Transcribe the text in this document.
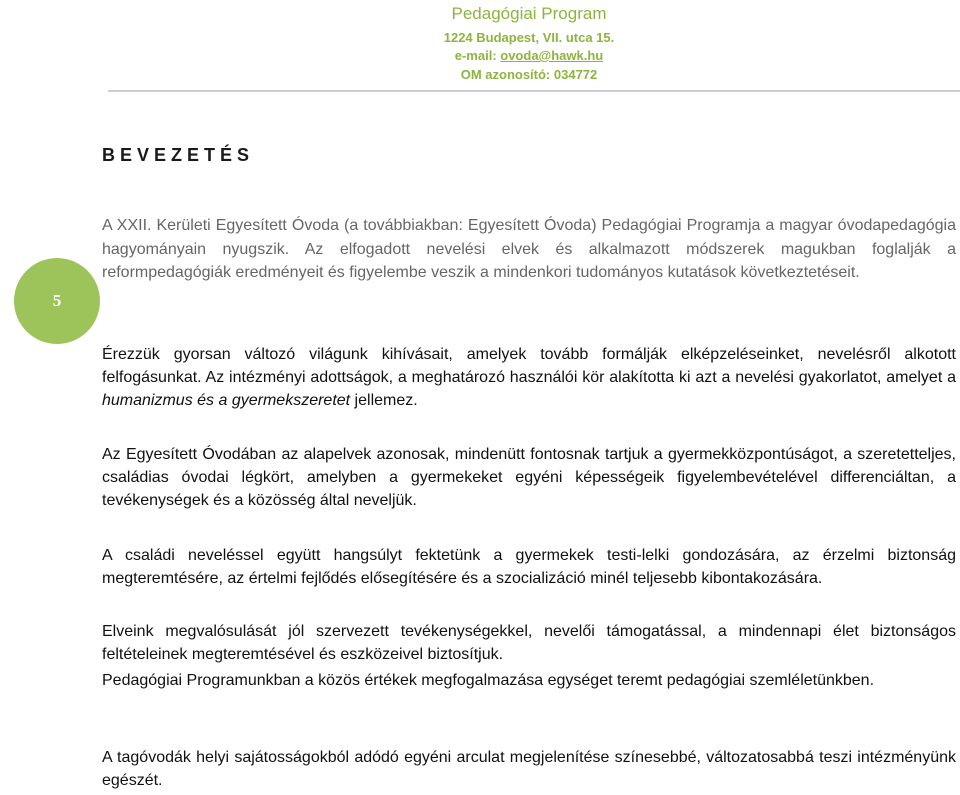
Pedagógiai Program
1224 Budapest, VII. utca 15.
e-mail: ovoda@hawk.hu
OM azonosító: 034772
5
BEVEZETÉS

A XXII. Kerületi Egyesített Óvoda (a továbbiakban: Egyesített Óvoda) Pedagógiai Programja a magyar óvodapedagógia hagyományain nyugszik. Az elfogadott nevelési elvek és alkalmazott módszerek magukban foglalják a reformpedagógiák eredményeit és figyelembe veszik a mindenkori tudományos kutatások következtetéseit.

Érezzük gyorsan változó világunk kihívásait, amelyek tovább formálják elképzeléseinket, nevelésről alkotott felfogásunkat. Az intézményi adottságok, a meghatározó használói kör alakította ki azt a nevelési gyakorlatot, amelyet a humanizmus és a gyermekszeretet jellemez.

Az Egyesített Óvodában az alapelvek azonosak, mindenütt fontosnak tartjuk a gyermekközpontúságot, a szeretetteljes, családias óvodai légkört, amelyben a gyermekeket egyéni képességeik figyelembevételével differenciáltan, a tevékenységek és a közösség által neveljük.

A családi neveléssel együtt hangsúlyt fektetünk a gyermekek testi-lelki gondozására, az érzelmi biztonság megteremtésére, az értelmi fejlődés elősegítésére és a szocializáció minél teljesebb kibontakozására.

Elveink megvalósulását jól szervezett tevékenységekkel, nevelői támogatással, a mindennapi élet biztonságos feltételeinek megteremtésével és eszközeivel biztosítjuk.

Pedagógiai Programunkban a közös értékek megfogalmazása egységet teremt pedagógiai szemléletünkben.

A tagóvodák helyi sajátosságokból adódó egyéni arculat megjelenítése színesebbé, változatosabbá teszi intézményünk egészét.
